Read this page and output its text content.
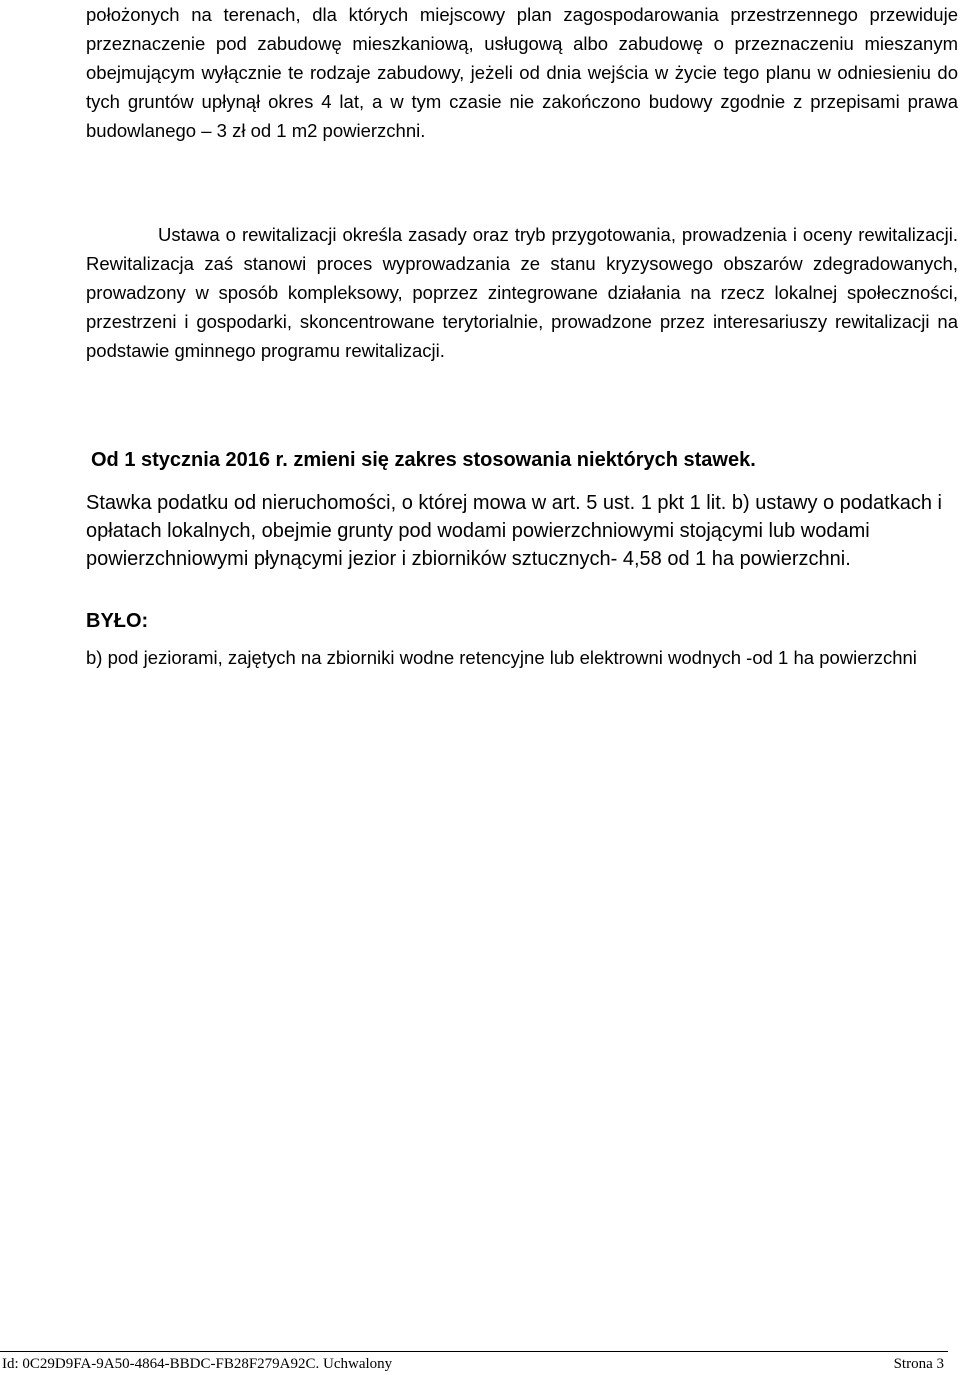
położonych na terenach, dla których miejscowy plan zagospodarowania przestrzennego przewiduje przeznaczenie pod zabudowę mieszkaniową, usługową albo zabudowę o przeznaczeniu mieszanym obejmującym wyłącznie te rodzaje zabudowy, jeżeli od dnia wejścia w życie tego planu w odniesieniu do tych gruntów upłynął okres 4 lat, a w tym czasie nie zakończono budowy zgodnie z przepisami prawa budowlanego – 3 zł od 1 m2 powierzchni.

Ustawa o rewitalizacji określa zasady oraz tryb przygotowania, prowadzenia i oceny rewitalizacji. Rewitalizacja zaś stanowi proces wyprowadzania ze stanu kryzysowego obszarów zdegradowanych, prowadzony w sposób kompleksowy, poprzez zintegrowane działania na rzecz lokalnej społeczności, przestrzeni i gospodarki, skoncentrowane terytorialnie, prowadzone przez interesariuszy rewitalizacji na podstawie gminnego programu rewitalizacji.

Od 1 stycznia 2016 r. zmieni się zakres stosowania niektórych stawek.

Stawka podatku od nieruchomości, o której mowa w art. 5 ust. 1 pkt 1 lit. b) ustawy o podatkach i opłatach lokalnych, obejmie grunty pod wodami powierzchniowymi stojącymi lub wodami powierzchniowymi płynącymi jezior i zbiorników sztucznych- 4,58 od 1 ha powierzchni.

BYŁO:

b) pod jeziorami, zajętych na zbiorniki wodne retencyjne lub elektrowni wodnych -od 1 ha powierzchni

Id: 0C29D9FA-9A50-4864-BBDC-FB28F279A92C. Uchwalony	Strona 3
